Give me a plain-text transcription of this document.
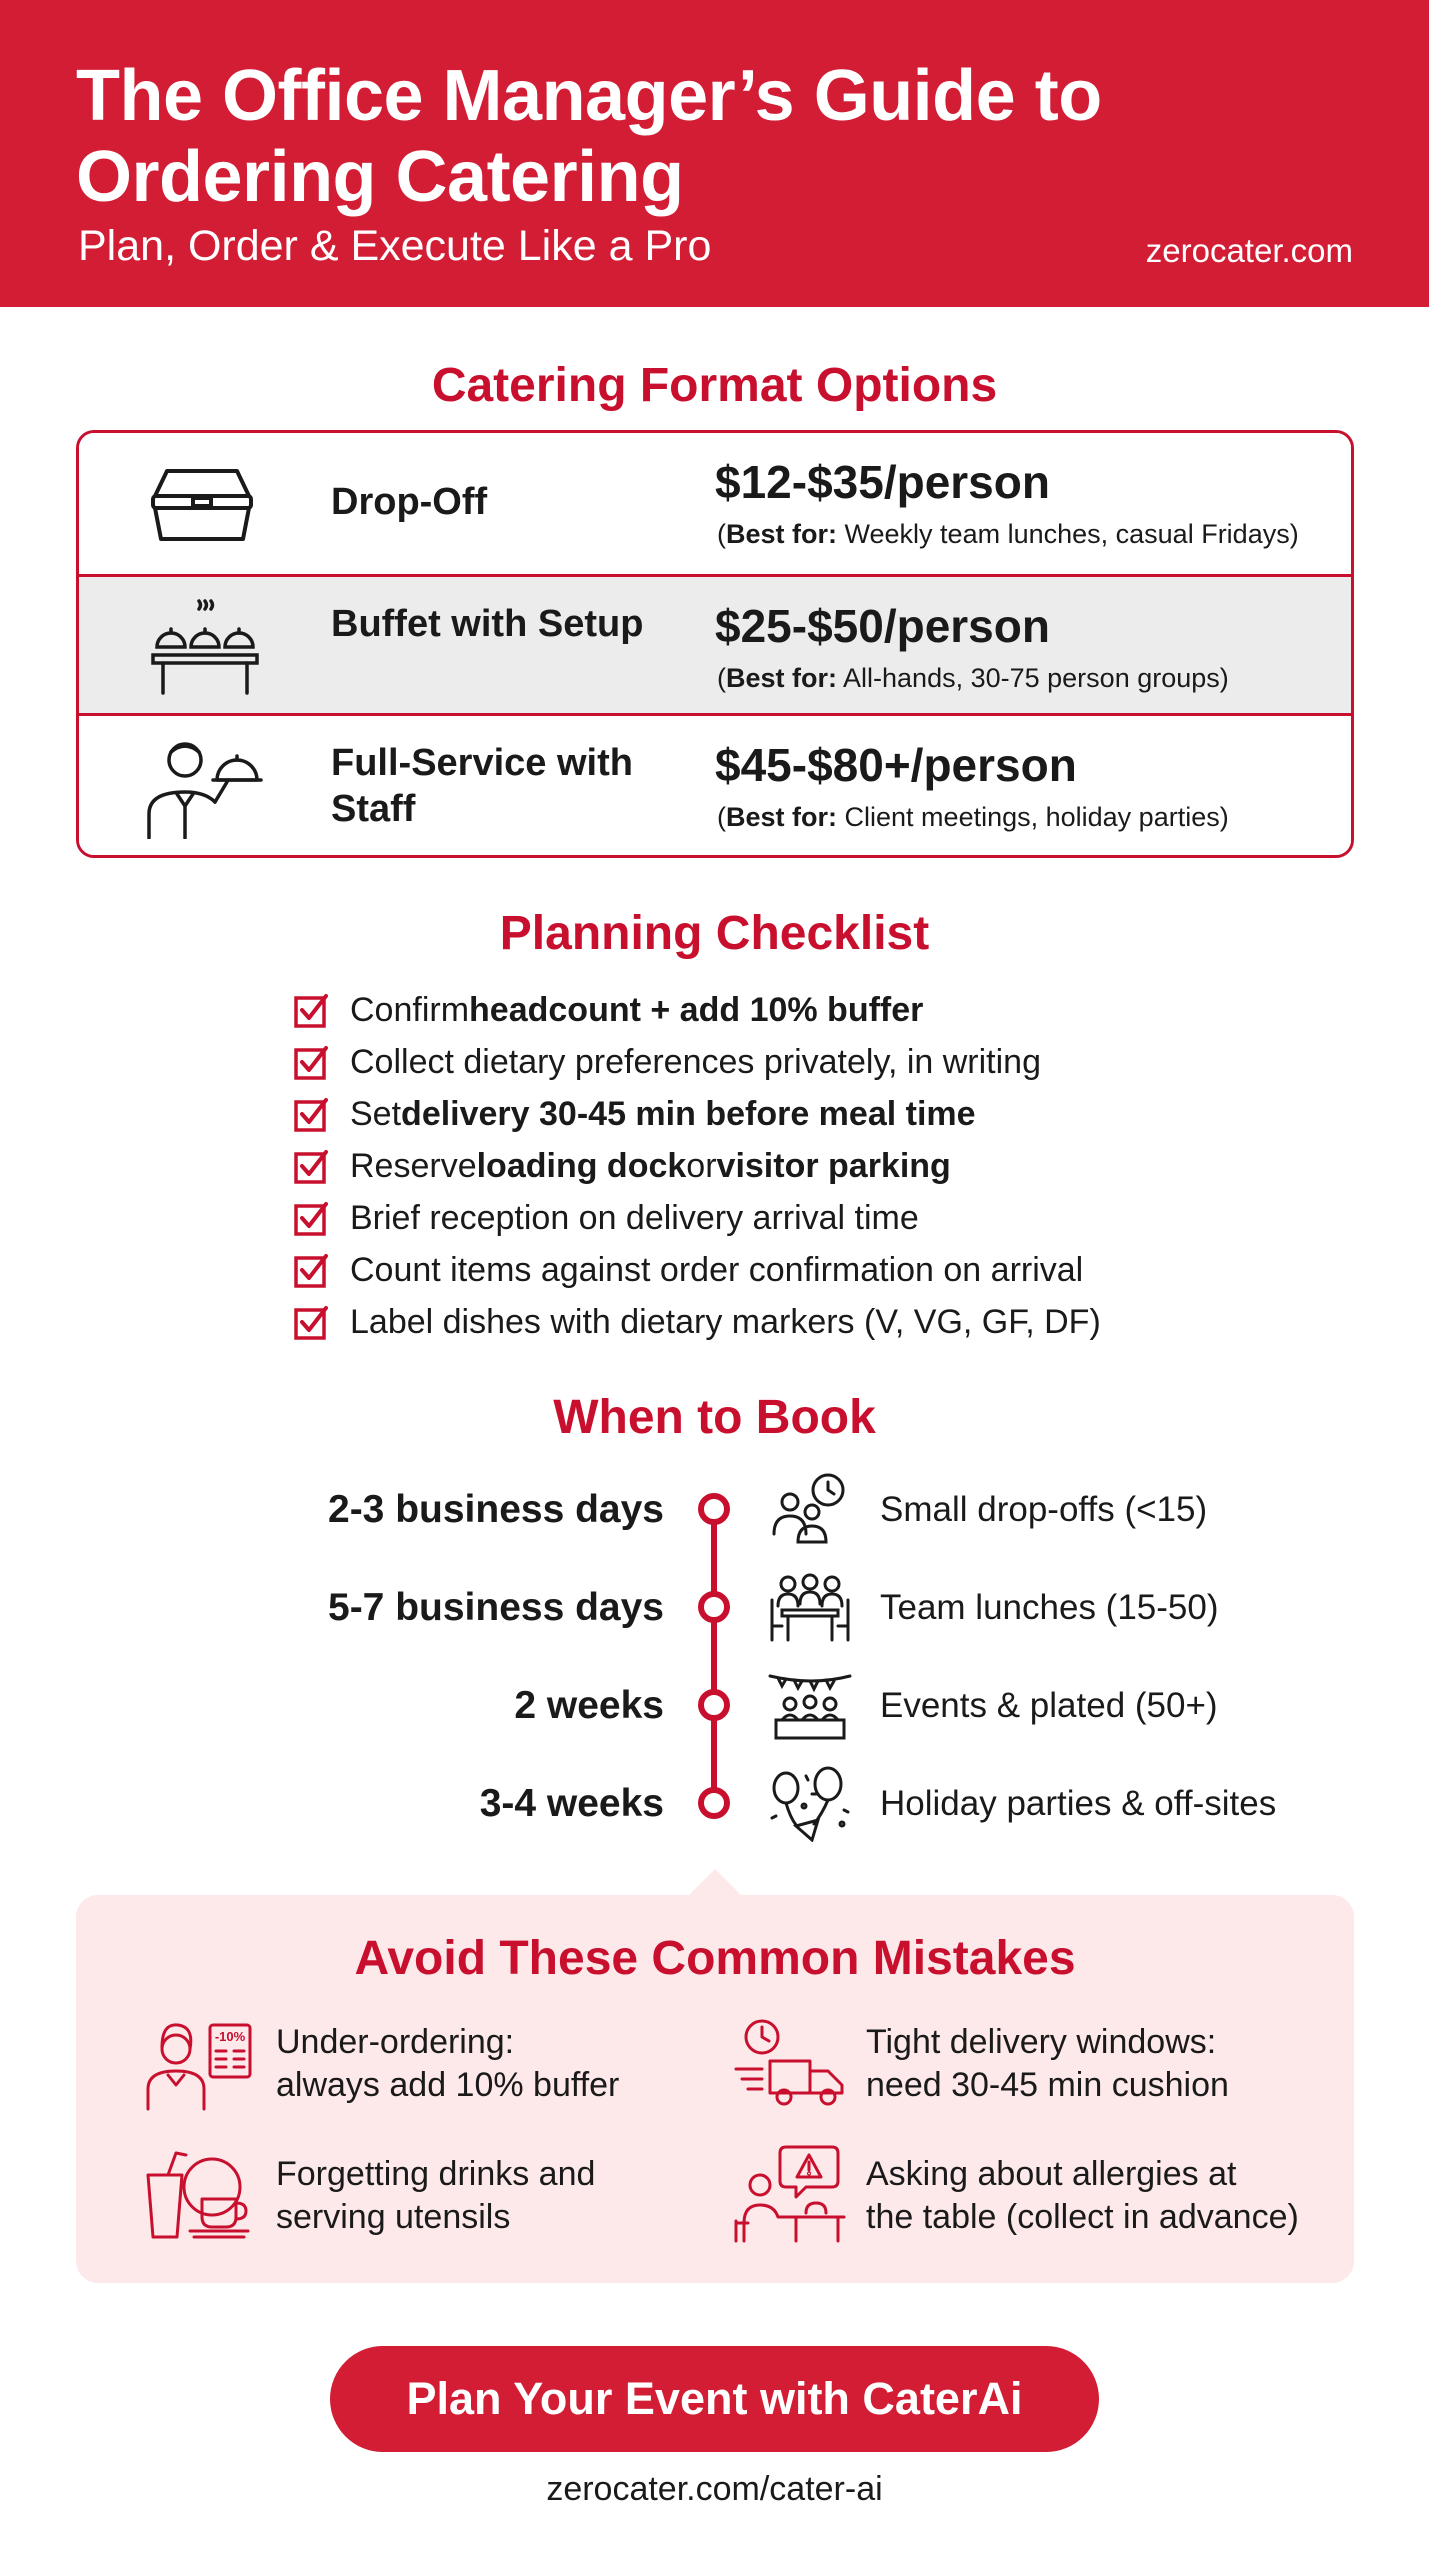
The Office Manager’s Guide to Ordering Catering
Plan, Order & Execute Like a Pro	zerocater.com
Catering Format Options
Drop-Off	$12-$35/person
(Best for: Weekly team lunches, casual Fridays)
Buffet with Setup $25-$50/person
(Best for: All-hands, 30-75 person groups)
Full-Service with Staff
$45-$80+/person
(Best for: Client meetings, holiday parties)
Planning Checklist
Confirm headcount + add 10% buffer
Collect dietary preferences privately, in writing
Set delivery 30-45 min before meal time
Reserve loading dock or visitor parking
Brief reception on delivery arrival time
Count items against order confirmation on arrival
Label dishes with dietary markers (V, VG, GF, DF)
When to Book
2-3 business days	Small drop-offs (<15)
5-7 business days	Team lunches (15-50)
2 weeks	Events & plated (50+)
3-4 weeks	Holiday parties & off-sites
Avoid These Common Mistakes
-10% Under-ordering:
always add 10% buffer
Tight delivery windows:
need 30-45 min cushion
Forgetting drinks and
serving utensils
Asking about allergies at
the table (collect in advance)
Plan Your Event with CaterAi
zerocater.com/cater-ai
